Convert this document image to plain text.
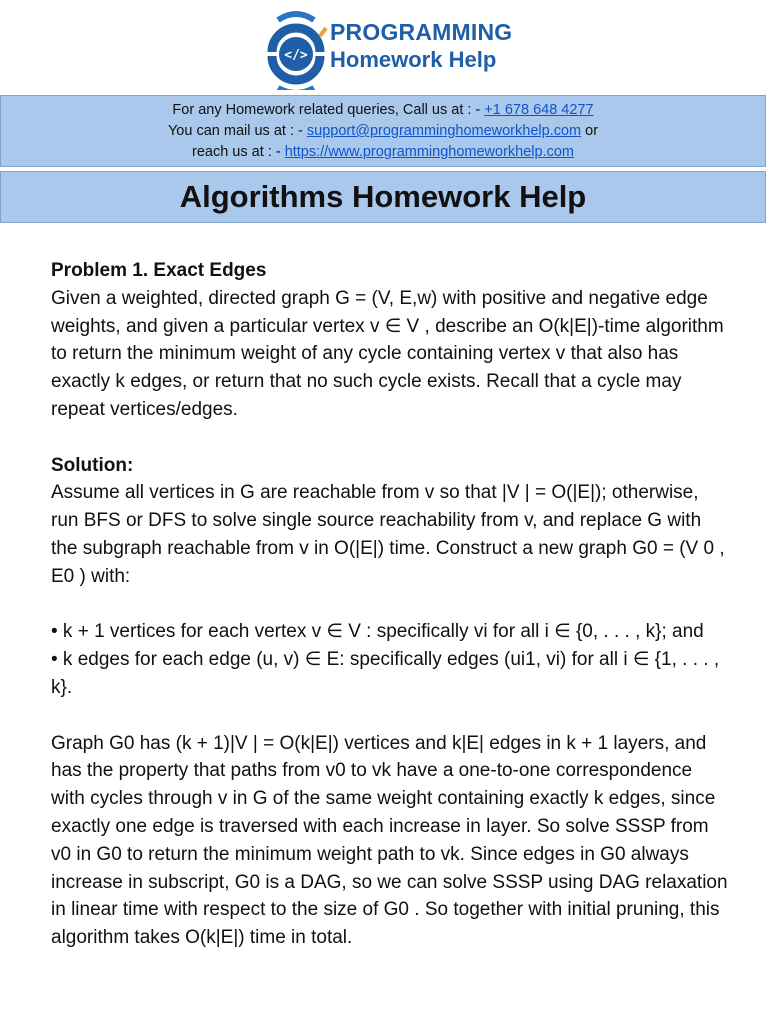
</>
PROGRAMMING
Homework Help
For any Homework related queries, Call us at : - +1 678 648 4277
You can mail us at : - support@programminghomeworkhelp.com or
reach us at : - https://www.programminghomeworkhelp.com
Algorithms Homework Help

Problem 1. Exact Edges

Given a weighted, directed graph G = (V, E,w) with positive and negative edge weights, and given a particular vertex v ∈ V , describe an O(k|E|)-time algorithm to return the minimum weight of any cycle containing vertex v that also has exactly k edges, or return that no such cycle exists. Recall that a cycle may repeat vertices/edges.

Solution:

Assume all vertices in G are reachable from v so that |V | = O(|E|); otherwise, run BFS or DFS to solve single source reachability from v, and replace G with the subgraph reachable from v in O(|E|) time. Construct a new graph G0 = (V 0 , E0 ) with:

• k + 1 vertices for each vertex v ∈ V : specifically vi for all i ∈ {0, . . . , k}; and

• k edges for each edge (u, v) ∈ E: specifically edges (ui1, vi) for all i ∈ {1, . . . , k}.

Graph G0 has (k + 1)|V | = O(k|E|) vertices and k|E| edges in k + 1 layers, and has the property that paths from v0 to vk have a one-to-one correspondence with cycles through v in G of the same weight containing exactly k edges, since exactly one edge is traversed with each increase in layer. So solve SSSP from v0 in G0 to return the minimum weight path to vk. Since edges in G0 always increase in subscript, G0 is a DAG, so we can solve SSSP using DAG relaxation in linear time with respect to the size of G0 . So together with initial pruning, this algorithm takes O(k|E|) time in total.
